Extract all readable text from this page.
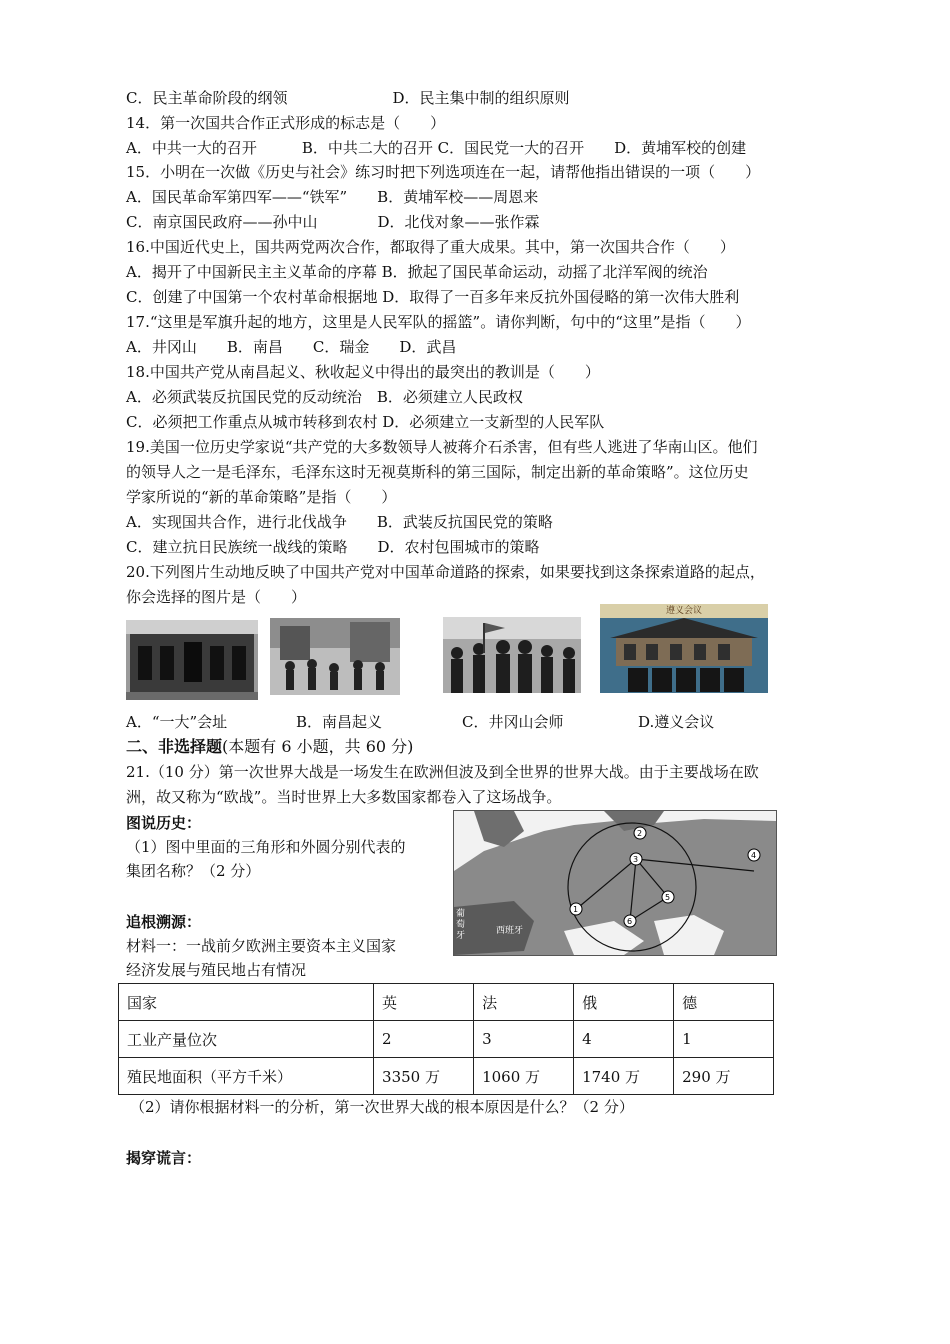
C．民主革命阶段的纲领　　　　　　　D．民主集中制的组织原则
14．第一次国共合作正式形成的标志是（　　）
A．中共一大的召开　　　B．中共二大的召开 C．国民党一大的召开　　D．黄埔军校的创建
15．小明在一次做《历史与社会》练习时把下列选项连在一起，请帮他指出错误的一项（　　）
A．国民革命军第四军——“铁军”　　B．黄埔军校——周恩来
C．南京国民政府——孙中山　　　　D．北伐对象——张作霖
16.中国近代史上，国共两党两次合作，都取得了重大成果。其中，第一次国共合作（　　）
A．揭开了中国新民主主义革命的序幕 B．掀起了国民革命运动，动摇了北洋军阀的统治
C．创建了中国第一个农村革命根据地 D．取得了一百多年来反抗外国侵略的第一次伟大胜利
17.“这里是军旗升起的地方，这里是人民军队的摇篮”。请你判断，句中的“这里”是指（　　）
A．井冈山　　B．南昌　　C．瑞金　　D．武昌
18.中国共产党从南昌起义、秋收起义中得出的最突出的教训是（　　）
A．必须武装反抗国民党的反动统治　B．必须建立人民政权
C．必须把工作重点从城市转移到农村 D．必须建立一支新型的人民军队
19.美国一位历史学家说“共产党的大多数领导人被蒋介石杀害，但有些人逃进了华南山区。他们
的领导人之一是毛泽东，毛泽东这时无视莫斯科的第三国际，制定出新的革命策略”。这位历史
学家所说的“新的革命策略”是指（　　）
A．实现国共合作，进行北伐战争　　B．武装反抗国民党的策略
C．建立抗日民族统一战线的策略　　D．农村包围城市的策略
20.下列图片生动地反映了中国共产党对中国革命道路的探索，如果要找到这条探索道路的起点，
你会选择的图片是（　　）
遵义会议
A．“一大”会址	B．南昌起义	C．井冈山会师	D.遵义会议
二、非选择题(本题有 6 小题，共 60 分)
21.（10 分）第一次世界大战是一场发生在欧洲但波及到全世界的世界大战。由于主要战场在欧
洲，故又称为“欧战”。当时世界上大多数国家都卷入了这场战争。
图说历史：
（1）图中里面的三角形和外圆分别代表的
集团名称？（2 分）
追根溯源：
材料一：一战前夕欧洲主要资本主义国家
经济发展与殖民地占有情况
3
5
6
1
4
2
西班牙
葡萄牙
国家	英	法	俄	德
工业产量位次	2	3	4	1
殖民地面积（平方千米）	3350 万	1060 万	1740 万	290 万
（2）请你根据材料一的分析，第一次世界大战的根本原因是什么？（2 分）
揭穿谎言：
